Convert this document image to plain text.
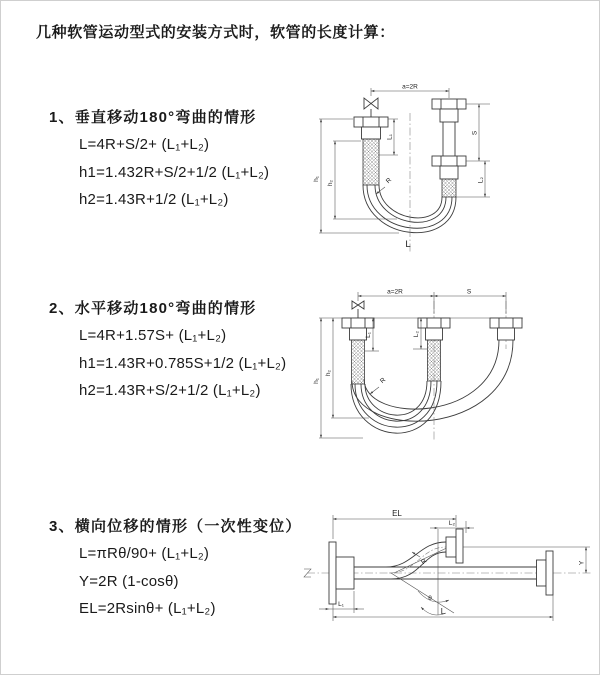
几种软管运动型式的安装方式时，软管的长度计算：
1、垂直移动180°弯曲的情形
L=4R+S/2+ (L₁+L₂)
h1=1.432R+S/2+1/2 (L₁+L₂)
h2=1.43R+1/2 (L₁+L₂)
2、水平移动180°弯曲的情形
L=4R+1.57S+ (L₁+L₂)
h1=1.43R+0.785S+1/2 (L₁+L₂)
h2=1.43R+S/2+1/2 (L₁+L₂)
3、横向位移的情形（一次性变位）
L=πRθ/90+ (L₁+L₂)
Y=2R (1-cosθ)
EL=2Rsinθ+ (L₁+L₂)
a=2R
h₁
h₂
L₁
S
L₂
R
L
a=2R	S
h₁
h₂
L₁	L₂
R
θ
EL
L₂
Y
L
L₁
R
